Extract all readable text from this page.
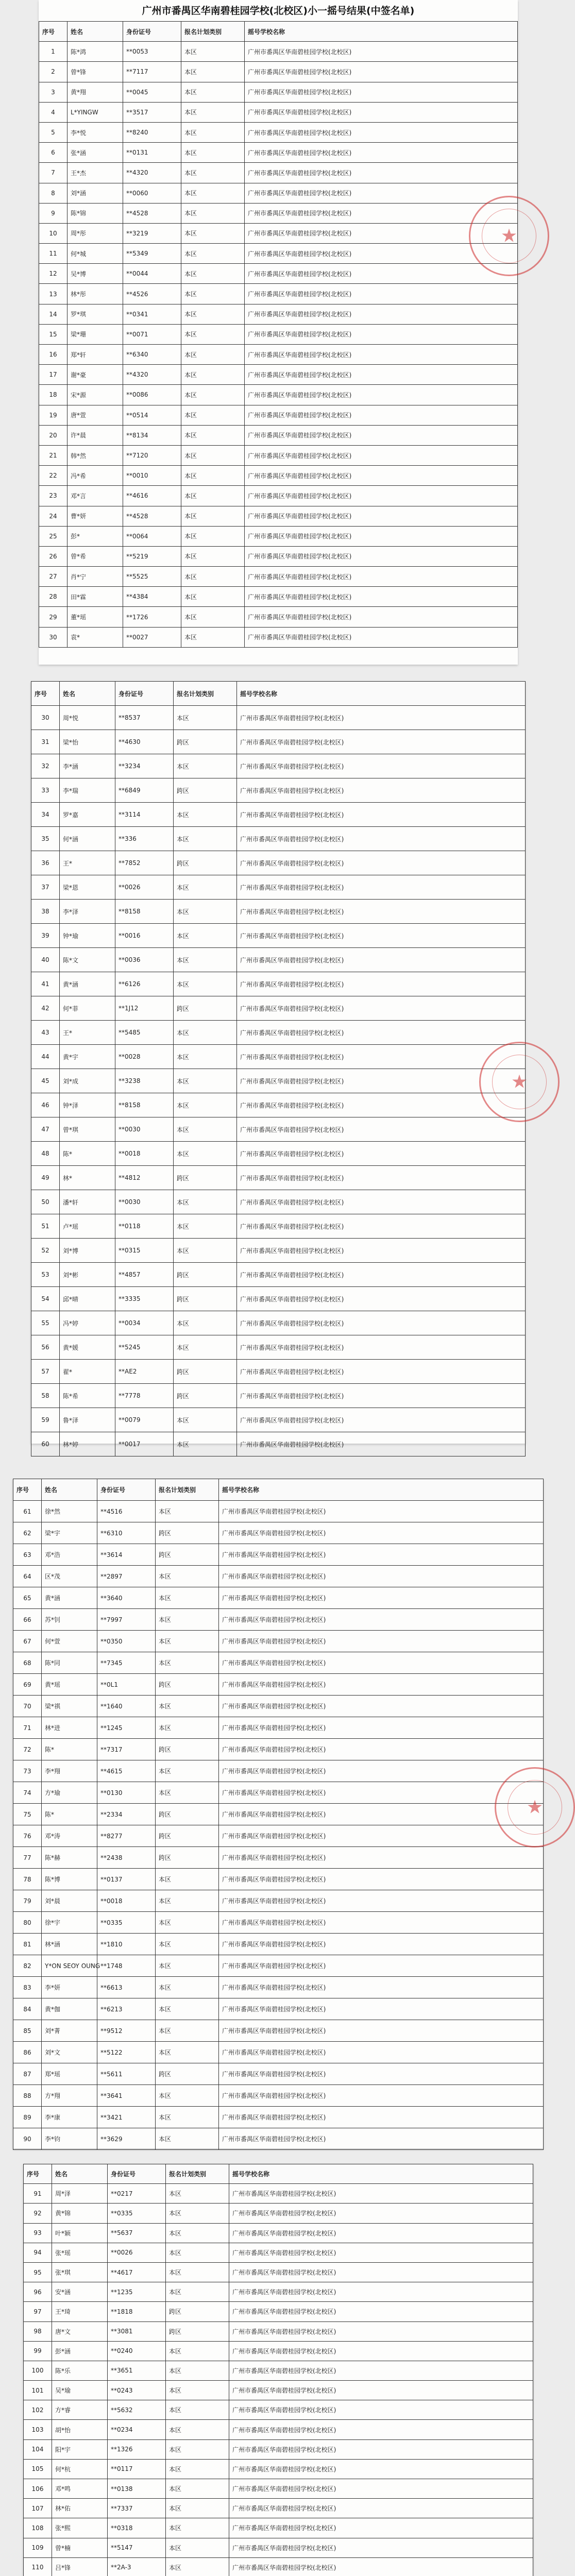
广州市番禺区华南碧桂园学校(北校区)小一摇号结果(中签名单)
序号	姓名	身份证号	报名计划类别	摇号学校名称
1	陈*鸿	**0053	本区	广州市番禺区华南碧桂园学校(北校区)
2	曾*锋	**7117	本区	广州市番禺区华南碧桂园学校(北校区)
3	黄*翔	**0045	本区	广州市番禺区华南碧桂园学校(北校区)
4	L*YINGW	**3517	本区	广州市番禺区华南碧桂园学校(北校区)
5	李*悦	**8240	本区	广州市番禺区华南碧桂园学校(北校区)
6	张*涵	**0131	本区	广州市番禺区华南碧桂园学校(北校区)
7	王*杰	**4320	本区	广州市番禺区华南碧桂园学校(北校区)
8	刘*涵	**0060	本区	广州市番禺区华南碧桂园学校(北校区)
9	陈*锦	**4528	本区	广州市番禺区华南碧桂园学校(北校区)
10	周*彤	**3219	本区	广州市番禺区华南碧桂园学校(北校区)
11	何*城	**5349	本区	广州市番禺区华南碧桂园学校(北校区)
12	吴*博	**0044	本区	广州市番禺区华南碧桂园学校(北校区)
13	林*彤	**4526	本区	广州市番禺区华南碧桂园学校(北校区)
14	罗*琪	**0341	本区	广州市番禺区华南碧桂园学校(北校区)
15	梁*珊	**0071	本区	广州市番禺区华南碧桂园学校(北校区)
16	郑*轩	**6340	本区	广州市番禺区华南碧桂园学校(北校区)
17	谢*豪	**4320	本区	广州市番禺区华南碧桂园学校(北校区)
18	宋*源	**0086	本区	广州市番禺区华南碧桂园学校(北校区)
19	唐*萱	**0514	本区	广州市番禺区华南碧桂园学校(北校区)
20	许*晨	**8134	本区	广州市番禺区华南碧桂园学校(北校区)
21	韩*然	**7120	本区	广州市番禺区华南碧桂园学校(北校区)
22	冯*希	**0010	本区	广州市番禺区华南碧桂园学校(北校区)
23	邓*言	**4616	本区	广州市番禺区华南碧桂园学校(北校区)
24	曹*妍	**4528	本区	广州市番禺区华南碧桂园学校(北校区)
25	彭*	**0064	本区	广州市番禺区华南碧桂园学校(北校区)
26	曾*希	**5219	本区	广州市番禺区华南碧桂园学校(北校区)
27	肖*宁	**5525	本区	广州市番禺区华南碧桂园学校(北校区)
28	田*霖	**4384	本区	广州市番禺区华南碧桂园学校(北校区)
29	董*瑶	**1726	本区	广州市番禺区华南碧桂园学校(北校区)
30	袁*	**0027	本区	广州市番禺区华南碧桂园学校(北校区)
★
序号	姓名	身份证号	报名计划类别	摇号学校名称
30	周*悦	**8537	本区	广州市番禺区华南碧桂园学校(北校区)
31	梁*怡	**4630	跨区	广州市番禺区华南碧桂园学校(北校区)
32	李*涵	**3234	本区	广州市番禺区华南碧桂园学校(北校区)
33	李*瑞	**6849	跨区	广州市番禺区华南碧桂园学校(北校区)
34	罗*嘉	**3114	本区	广州市番禺区华南碧桂园学校(北校区)
35	何*涵	**336	本区	广州市番禺区华南碧桂园学校(北校区)
36	王*	**7852	跨区	广州市番禺区华南碧桂园学校(北校区)
37	梁*恩	**0026	本区	广州市番禺区华南碧桂园学校(北校区)
38	李*泽	**8158	本区	广州市番禺区华南碧桂园学校(北校区)
39	钟*瑜	**0016	本区	广州市番禺区华南碧桂园学校(北校区)
40	陈*文	**0036	本区	广州市番禺区华南碧桂园学校(北校区)
41	黄*涵	**6126	本区	广州市番禺区华南碧桂园学校(北校区)
42	何*菲	**1J12	跨区	广州市番禺区华南碧桂园学校(北校区)
43	王*	**5485	本区	广州市番禺区华南碧桂园学校(北校区)
44	黄*宇	**0028	本区	广州市番禺区华南碧桂园学校(北校区)
45	刘*成	**3238	本区	广州市番禺区华南碧桂园学校(北校区)
46	钟*泽	**8158	本区	广州市番禺区华南碧桂园学校(北校区)
47	曾*琪	**0030	本区	广州市番禺区华南碧桂园学校(北校区)
48	陈*	**0018	本区	广州市番禺区华南碧桂园学校(北校区)
49	林*	**4812	跨区	广州市番禺区华南碧桂园学校(北校区)
50	潘*轩	**0030	本区	广州市番禺区华南碧桂园学校(北校区)
51	卢*瑶	**0118	本区	广州市番禺区华南碧桂园学校(北校区)
52	刘*博	**0315	本区	广州市番禺区华南碧桂园学校(北校区)
53	刘*彬	**4857	跨区	广州市番禺区华南碧桂园学校(北校区)
54	邱*晴	**3335	跨区	广州市番禺区华南碧桂园学校(北校区)
55	冯*婷	**0034	本区	广州市番禺区华南碧桂园学校(北校区)
56	黄*媛	**5245	本区	广州市番禺区华南碧桂园学校(北校区)
57	翟*	**AE2	跨区	广州市番禺区华南碧桂园学校(北校区)
58	陈*希	**7778	跨区	广州市番禺区华南碧桂园学校(北校区)
59	鲁*泽	**0079	本区	广州市番禺区华南碧桂园学校(北校区)
60	林*婷	**0017	本区	广州市番禺区华南碧桂园学校(北校区)
★
序号	姓名	身份证号	报名计划类别	摇号学校名称
61	徐*然	**4516	本区	广州市番禺区华南碧桂园学校(北校区)
62	梁*宇	**6310	跨区	广州市番禺区华南碧桂园学校(北校区)
63	邓*浩	**3614	跨区	广州市番禺区华南碧桂园学校(北校区)
64	区*茂	**2897	本区	广州市番禺区华南碧桂园学校(北校区)
65	黄*涵	**3640	本区	广州市番禺区华南碧桂园学校(北校区)
66	苏*钊	**7997	本区	广州市番禺区华南碧桂园学校(北校区)
67	何*萱	**0350	本区	广州市番禺区华南碧桂园学校(北校区)
68	陈*同	**7345	本区	广州市番禺区华南碧桂园学校(北校区)
69	黄*瑶	**0L1	跨区	广州市番禺区华南碧桂园学校(北校区)
70	梁*祺	**1640	本区	广州市番禺区华南碧桂园学校(北校区)
71	林*进	**1245	本区	广州市番禺区华南碧桂园学校(北校区)
72	陈*	**7317	跨区	广州市番禺区华南碧桂园学校(北校区)
73	李*翔	**4615	本区	广州市番禺区华南碧桂园学校(北校区)
74	方*瑜	**0130	本区	广州市番禺区华南碧桂园学校(北校区)
75	陈*	**2334	跨区	广州市番禺区华南碧桂园学校(北校区)
76	邓*涛	**8277	跨区	广州市番禺区华南碧桂园学校(北校区)
77	陈*赫	**2438	跨区	广州市番禺区华南碧桂园学校(北校区)
78	陈*博	**0137	本区	广州市番禺区华南碧桂园学校(北校区)
79	刘*晨	**0018	本区	广州市番禺区华南碧桂园学校(北校区)
80	徐*宇	**0335	本区	广州市番禺区华南碧桂园学校(北校区)
81	林*涵	**1810	本区	广州市番禺区华南碧桂园学校(北校区)
82	Y*ON SEOY OUNG	**1748	本区	广州市番禺区华南碧桂园学校(北校区)
83	李*妍	**6613	本区	广州市番禺区华南碧桂园学校(北校区)
84	黄*伽	**6213	本区	广州市番禺区华南碧桂园学校(北校区)
85	刘*菁	**9512	本区	广州市番禺区华南碧桂园学校(北校区)
86	刘*文	**5122	本区	广州市番禺区华南碧桂园学校(北校区)
87	郑*瑶	**5611	跨区	广州市番禺区华南碧桂园学校(北校区)
88	方*翔	**3641	本区	广州市番禺区华南碧桂园学校(北校区)
89	李*康	**3421	本区	广州市番禺区华南碧桂园学校(北校区)
90	李*钧	**3629	本区	广州市番禺区华南碧桂园学校(北校区)
★
序号	姓名	身份证号	报名计划类别	摇号学校名称
91	周*泽	**0217	本区	广州市番禺区华南碧桂园学校(北校区)
92	黄*锦	**0335	本区	广州市番禺区华南碧桂园学校(北校区)
93	叶*颖	**5637	本区	广州市番禺区华南碧桂园学校(北校区)
94	张*瑶	**0026	本区	广州市番禺区华南碧桂园学校(北校区)
95	张*琪	**4617	本区	广州市番禺区华南碧桂园学校(北校区)
96	安*涵	**1235	本区	广州市番禺区华南碧桂园学校(北校区)
97	王*琦	**1818	跨区	广州市番禺区华南碧桂园学校(北校区)
98	唐*文	**3081	跨区	广州市番禺区华南碧桂园学校(北校区)
99	彭*涵	**0240	本区	广州市番禺区华南碧桂园学校(北校区)
100	陈*乐	**3651	本区	广州市番禺区华南碧桂园学校(北校区)
101	吴*瑜	**0243	本区	广州市番禺区华南碧桂园学校(北校区)
102	方*睿	**5632	本区	广州市番禺区华南碧桂园学校(北校区)
103	胡*怡	**0234	本区	广州市番禺区华南碧桂园学校(北校区)
104	阳*宇	**1326	本区	广州市番禺区华南碧桂园学校(北校区)
105	何*杭	**0117	本区	广州市番禺区华南碧桂园学校(北校区)
106	邓*鸣	**0138	本区	广州市番禺区华南碧桂园学校(北校区)
107	林*佑	**7337	本区	广州市番禺区华南碧桂园学校(北校区)
108	张*熙	**0318	本区	广州市番禺区华南碧桂园学校(北校区)
109	曾*楠	**5147	本区	广州市番禺区华南碧桂园学校(北校区)
110	吕*锋	**2A-3	本区	广州市番禺区华南碧桂园学校(北校区)
